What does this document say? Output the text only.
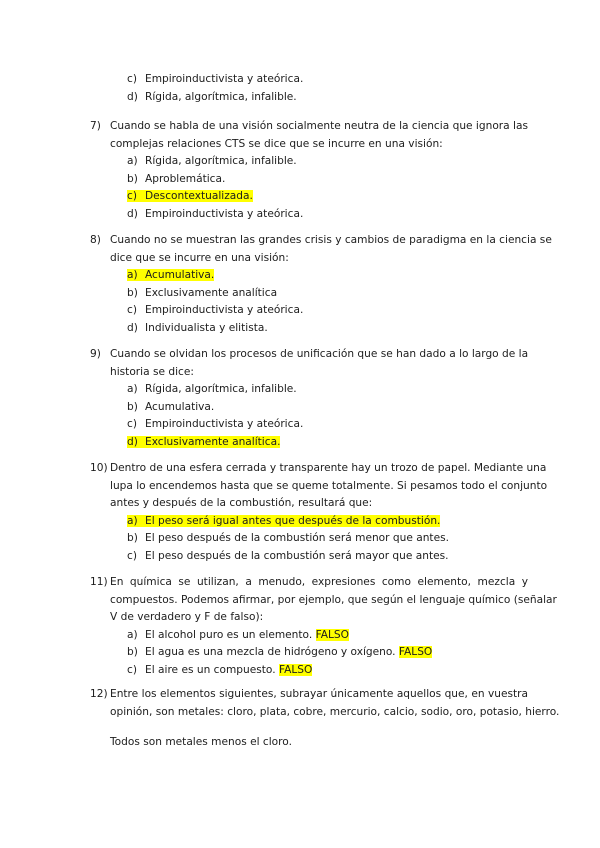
c) Empiroinductivista y ateórica.
d) Rígida, algorítmica, infalible.
7) Cuando se habla de una visión socialmente neutra de la ciencia que ignora las
complejas relaciones CTS se dice que se incurre en una visión:
a) Rígida, algorítmica, infalible.
b) Aproblemática.
c) Descontextualizada.
d) Empiroinductivista y ateórica.
8) Cuando no se muestran las grandes crisis y cambios de paradigma en la ciencia se
dice que se incurre en una visión:
a) Acumulativa.
b) Exclusivamente analítica
c) Empiroinductivista y ateórica.
d) Individualista y elitista.
9) Cuando se olvidan los procesos de unificación que se han dado a lo largo de la
historia se dice:
a) Rígida, algorítmica, infalible.
b) Acumulativa.
c) Empiroinductivista y ateórica.
d) Exclusivamente analítica.
10) Dentro de una esfera cerrada y transparente hay un trozo de papel. Mediante una
lupa lo encendemos hasta que se queme totalmente. Si pesamos todo el conjunto
antes y después de la combustión, resultará que:
a) El peso será igual antes que después de la combustión.
b) El peso después de la combustión será menor que antes.
c) El peso después de la combustión será mayor que antes.
11) En química se utilizan, a menudo, expresiones como elemento, mezcla y
compuestos. Podemos afirmar, por ejemplo, que según el lenguaje químico (señalar
V de verdadero y F de falso):
a) El alcohol puro es un elemento. FALSO
b) El agua es una mezcla de hidrógeno y oxígeno. FALSO
c) El aire es un compuesto. FALSO
12) Entre los elementos siguientes, subrayar únicamente aquellos que, en vuestra
opinión, son metales: cloro, plata, cobre, mercurio, calcio, sodio, oro, potasio, hierro.
Todos son metales menos el cloro.
